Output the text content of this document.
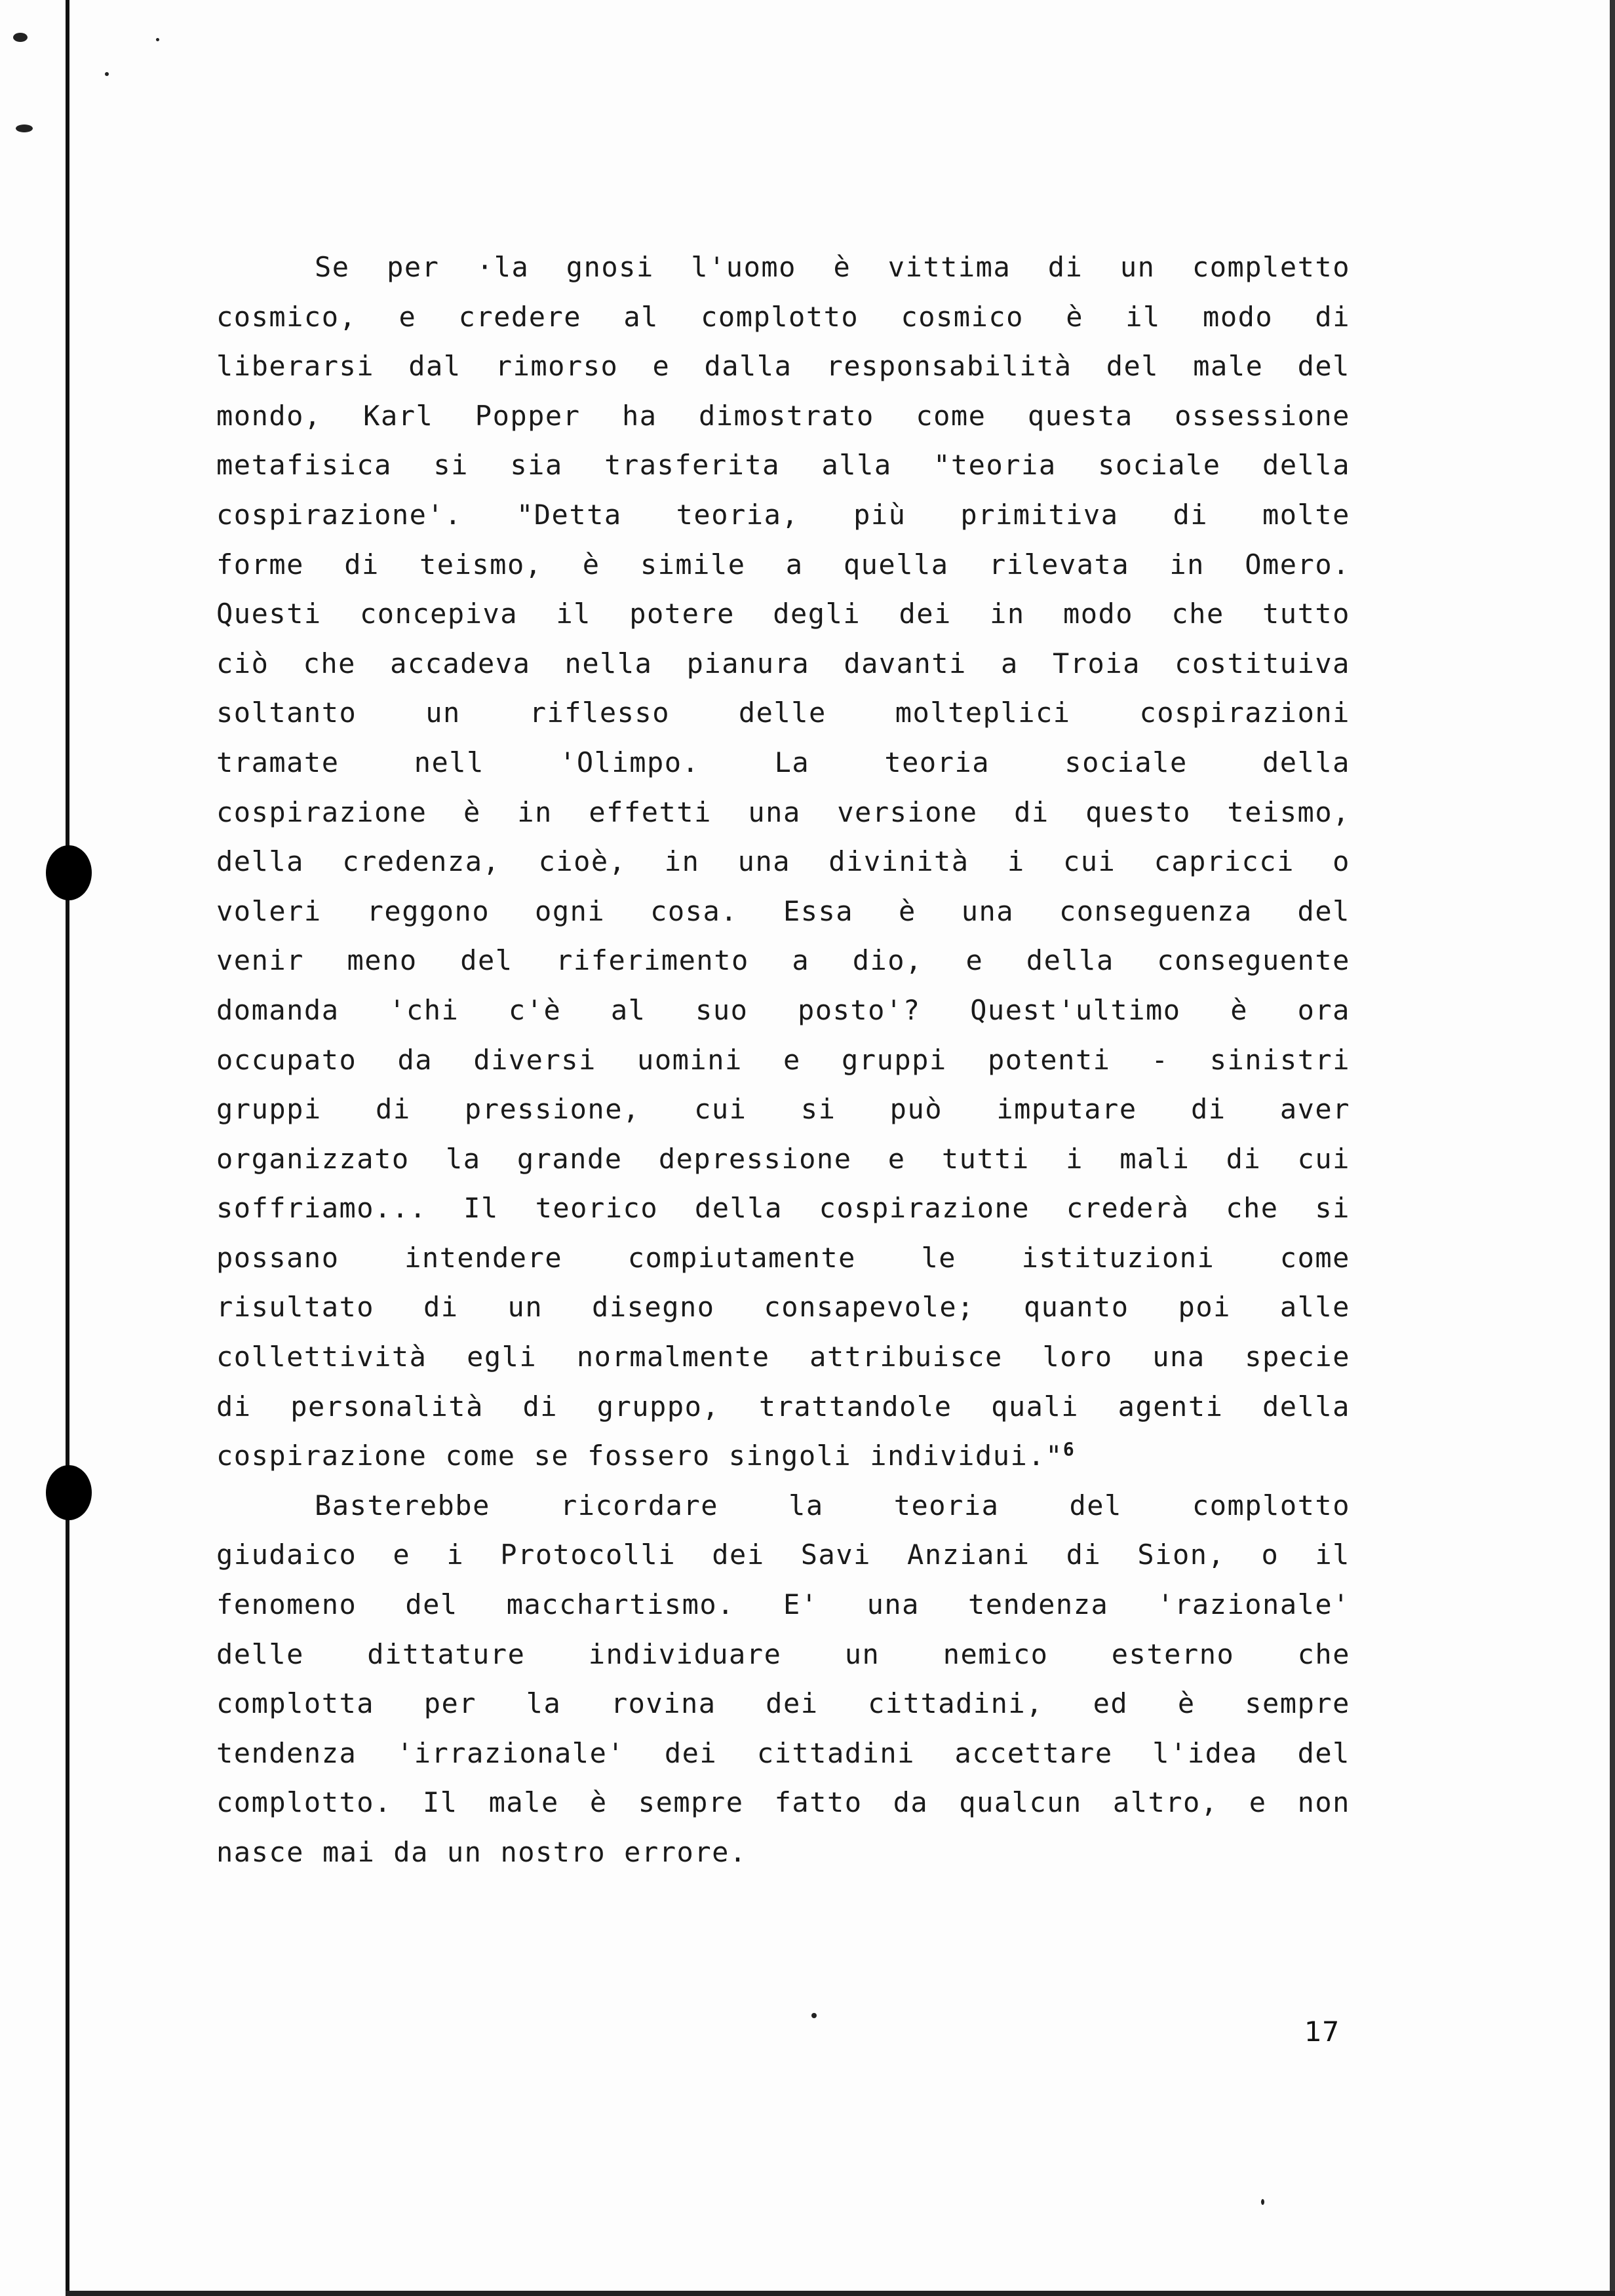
Se per ·la gnosi l'uomo è vittima di un completto
cosmico, e credere al complotto cosmico è il modo di
liberarsi dal rimorso e dalla responsabilità del male del
mondo, Karl Popper ha dimostrato come questa ossessione
metafisica si sia trasferita alla "teoria sociale della
cospirazione'. "Detta teoria, più primitiva di molte
forme di teismo, è simile a quella rilevata in Omero.
Questi concepiva il potere degli dei in modo che tutto
ciò che accadeva nella pianura davanti a Troia costituiva
soltanto un riflesso delle molteplici cospirazioni
tramate	nell	'Olimpo.	La	teoria	sociale	della
cospirazione è in effetti una versione di questo teismo,
della credenza, cioè, in una divinità i cui capricci o
voleri reggono ogni cosa. Essa è una conseguenza del
venir meno del riferimento a dio, e della conseguente
domanda 'chi c'è al suo posto'? Quest'ultimo è ora
occupato da diversi uomini e gruppi potenti - sinistri
gruppi di pressione, cui si può imputare di aver
organizzato la grande depressione e tutti i mali di cui
soffriamo... Il teorico della cospirazione crederà che si
possano intendere compiutamente le istituzioni come
risultato di un disegno consapevole; quanto poi alle
collettività egli normalmente attribuisce loro una specie
di personalità di gruppo, trattandole quali agenti della
cospirazione come se fossero singoli individui."$^6$
Basterebbe	ricordare	la	teoria	del	complotto
giudaico e i Protocolli dei Savi Anziani di Sion, o il
fenomeno del macchartismo. E' una tendenza 'razionale'
delle dittature individuare un nemico esterno che
complotta per la rovina dei cittadini, ed è sempre
tendenza 'irrazionale' dei cittadini accettare l'idea del
complotto. Il male è sempre fatto da qualcun altro, e non
nasce mai da un nostro errore.
17
